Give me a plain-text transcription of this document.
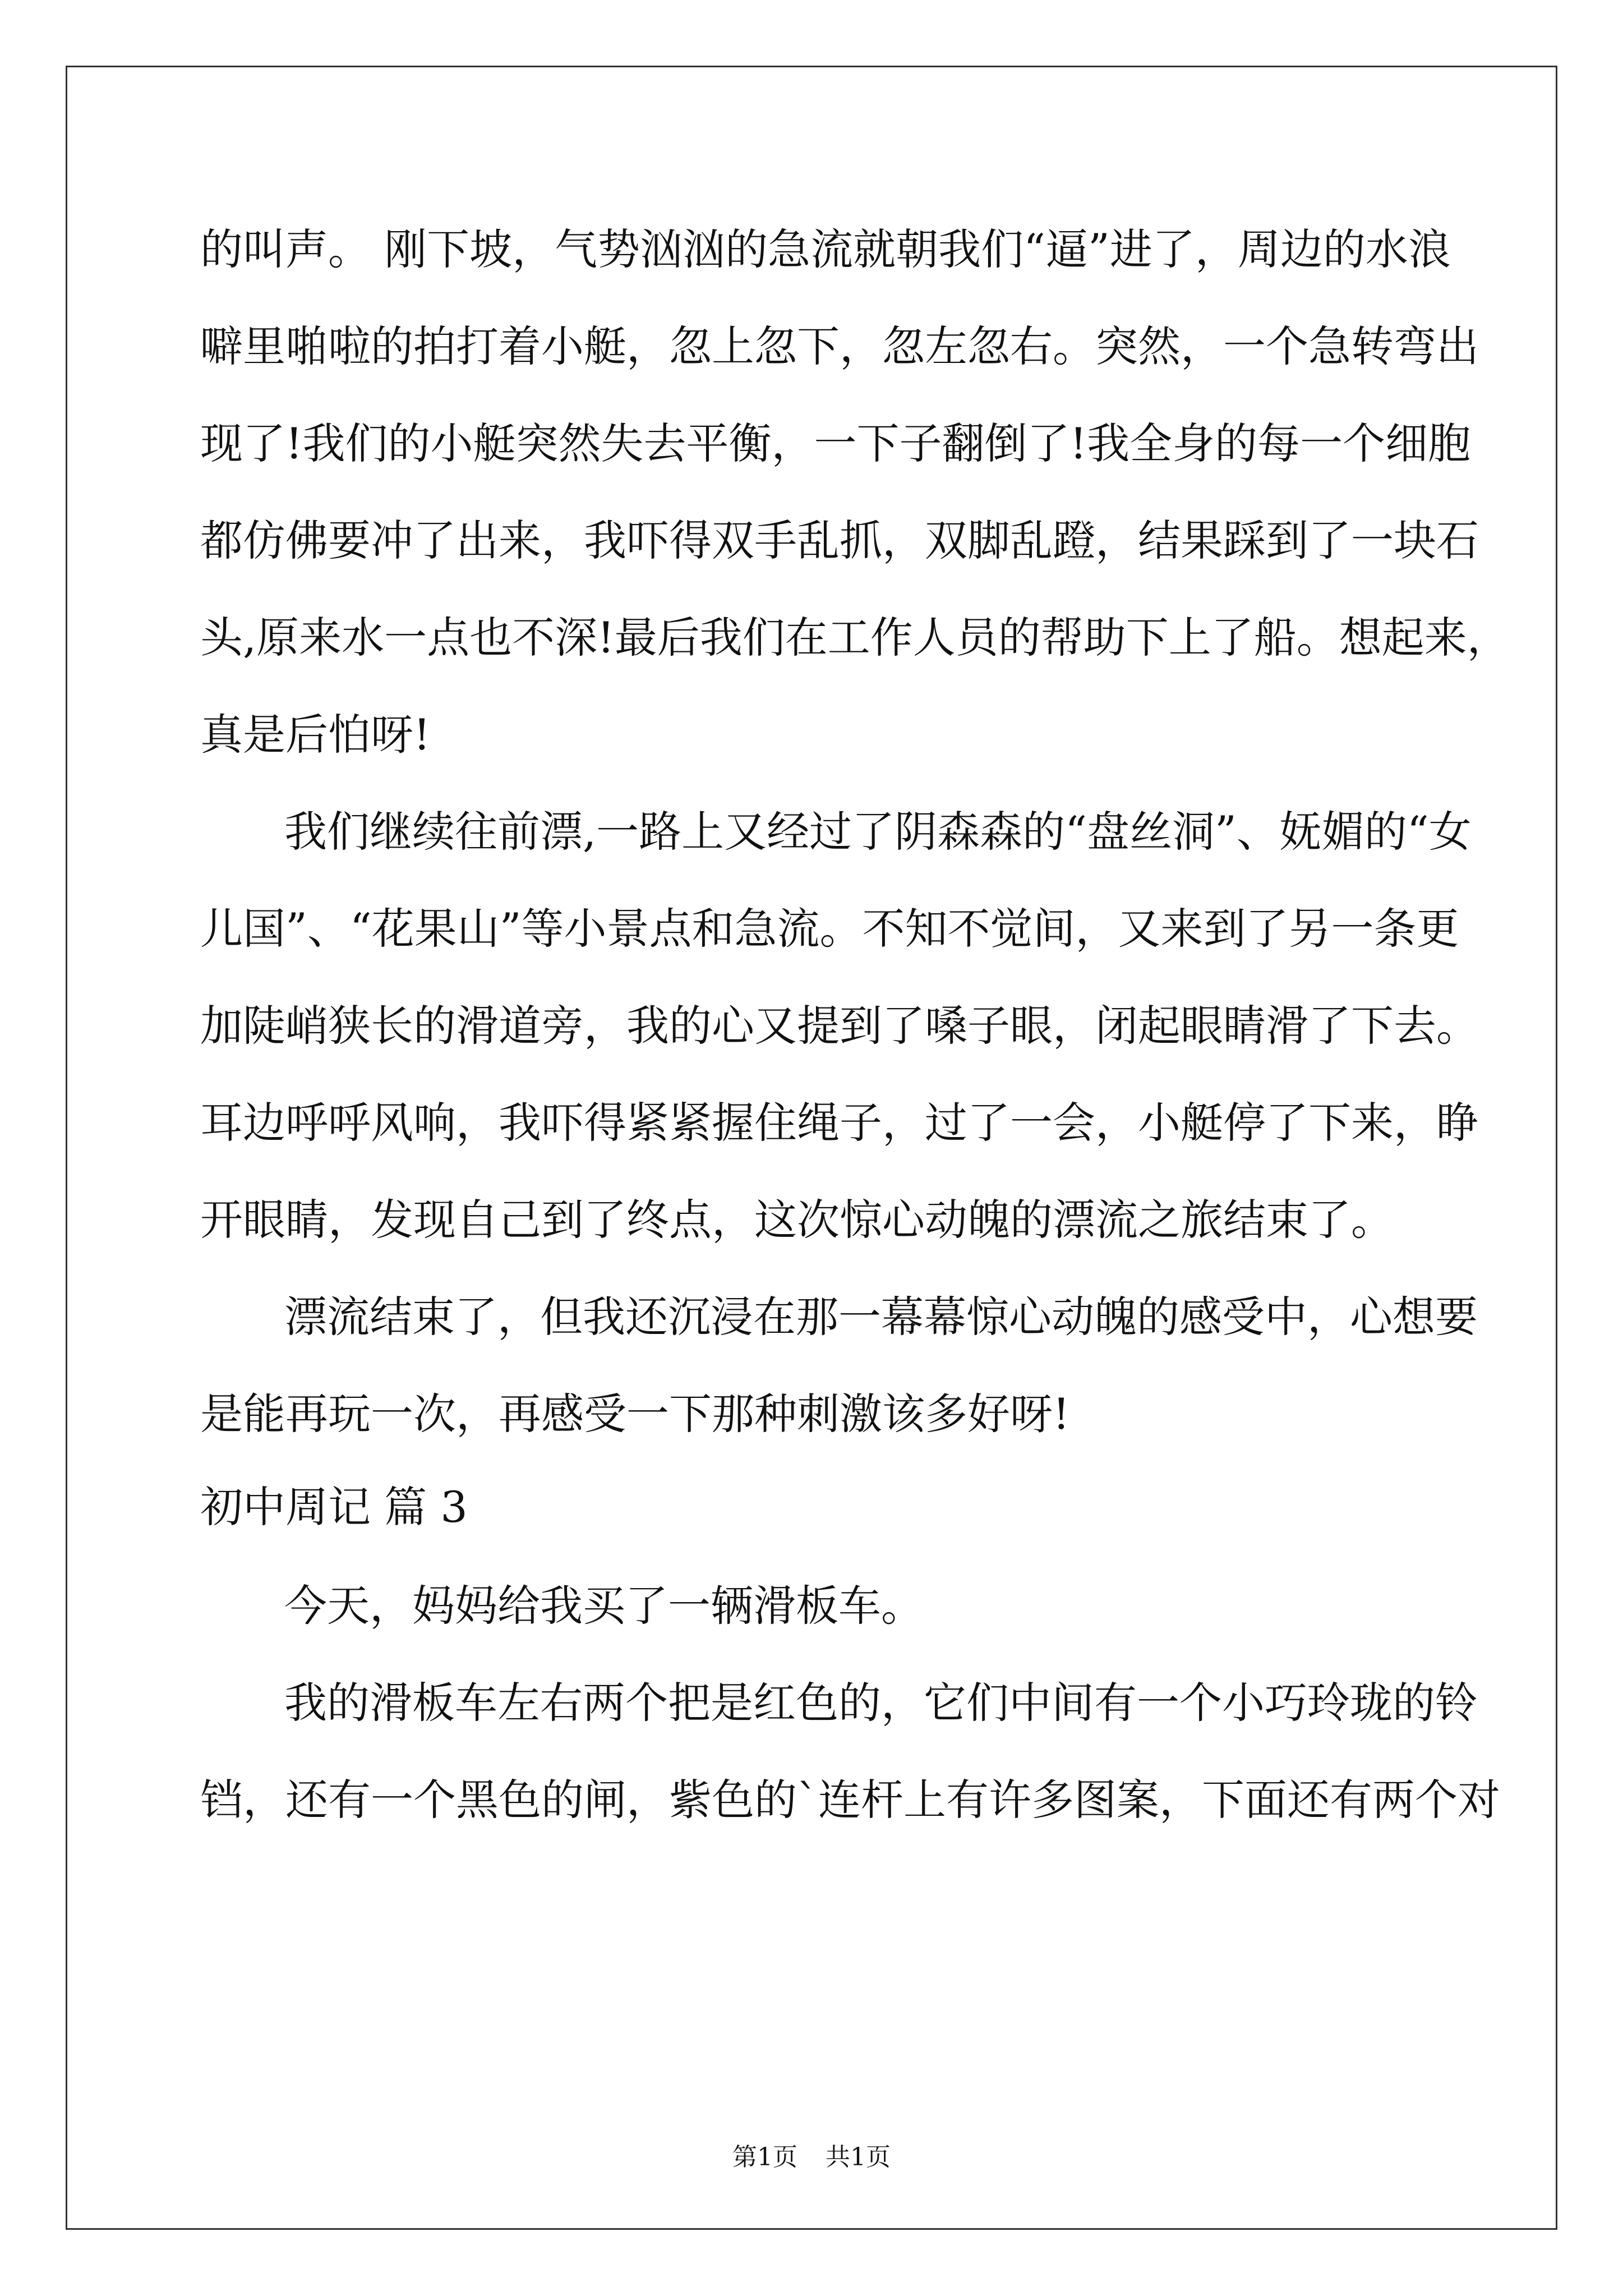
的叫声。 刚下坡，气势汹汹的急流就朝我们“逼”进了，周边的水浪
噼里啪啦的拍打着小艇，忽上忽下，忽左忽右。突然，一个急转弯出
现了!我们的小艇突然失去平衡，一下子翻倒了!我全身的每一个细胞
都仿佛要冲了出来，我吓得双手乱抓，双脚乱蹬，结果踩到了一块石
头,原来水一点也不深!最后我们在工作人员的帮助下上了船。想起来，
真是后怕呀!
我们继续往前漂,一路上又经过了阴森森的“盘丝洞”、妩媚的“女
儿国”、“花果山”等小景点和急流。不知不觉间，又来到了另一条更
加陡峭狭长的滑道旁，我的心又提到了嗓子眼，闭起眼睛滑了下去。
耳边呼呼风响，我吓得紧紧握住绳子，过了一会，小艇停了下来，睁
开眼睛，发现自己到了终点，这次惊心动魄的漂流之旅结束了。
漂流结束了，但我还沉浸在那一幕幕惊心动魄的感受中，心想要
是能再玩一次，再感受一下那种刺激该多好呀!
初中周记 篇 3
今天，妈妈给我买了一辆滑板车。
我的滑板车左右两个把是红色的，它们中间有一个小巧玲珑的铃
铛，还有一个黑色的闸，紫色的`连杆上有许多图案，下面还有两个对
第1页 共1页
